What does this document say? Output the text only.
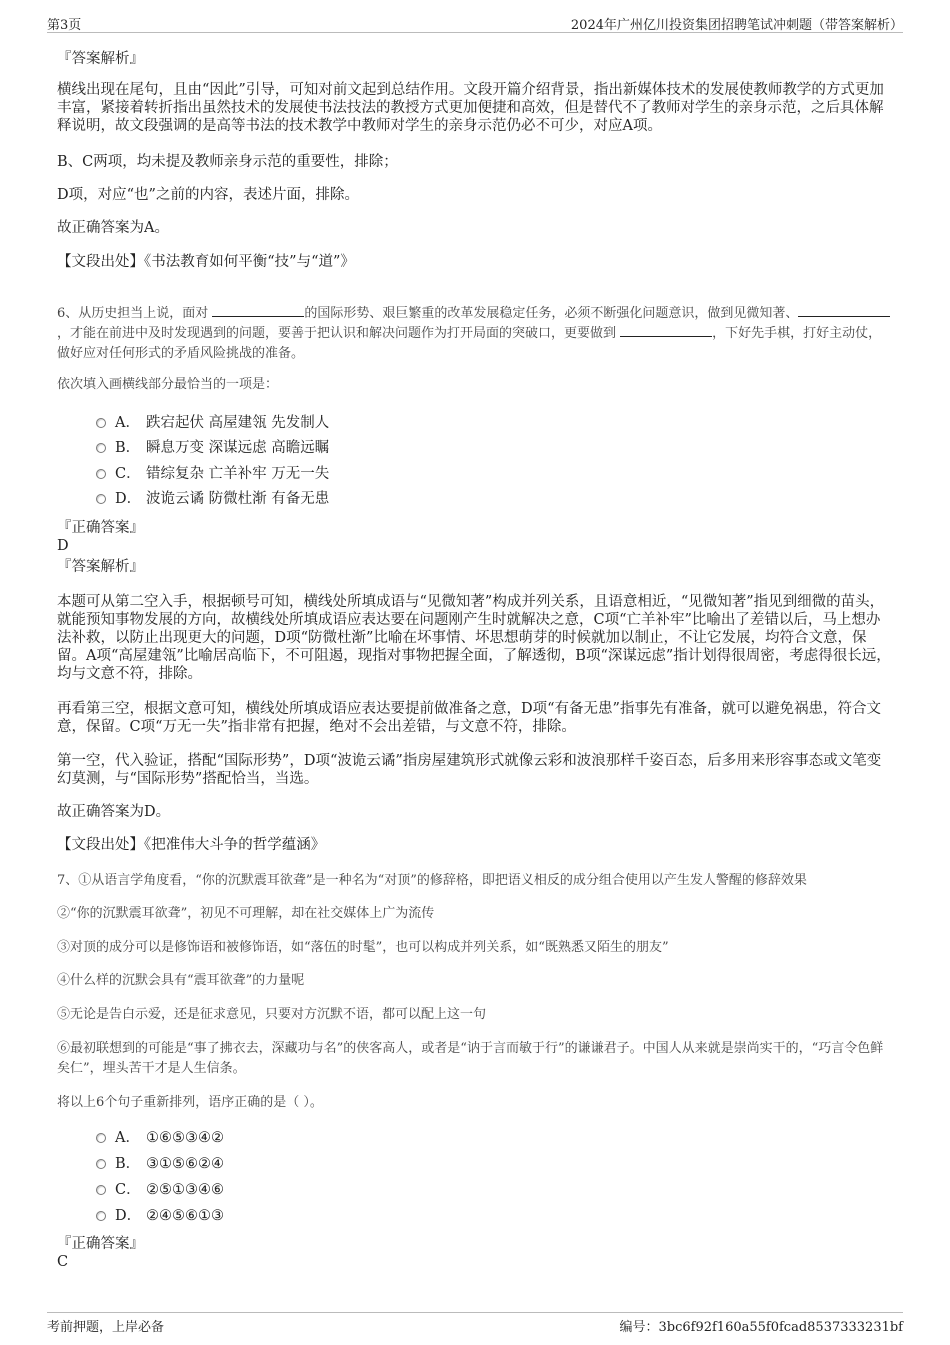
第3页	2024年广州亿川投资集团招聘笔试冲刺题（带答案解析）

『答案解析』

横线出现在尾句，且由“因此”引导，可知对前文起到总结作用。文段开篇介绍背景，指出新媒体技术的发展使教师教学的方式更加丰富，紧接着转折指出虽然技术的发展使书法技法的教授方式更加便捷和高效，但是替代不了教师对学生的亲身示范，之后具体解释说明，故文段强调的是高等书法的技术教学中教师对学生的亲身示范仍必不可少，对应A项。

B、C两项，均未提及教师亲身示范的重要性，排除；

D项，对应“也”之前的内容，表述片面，排除。

故正确答案为A。

【文段出处】《书法教育如何平衡“技”与“道”》

6、从历史担当上说，面对	的国际形势、艰巨繁重的改革发展稳定任务，必须不断强化问题意识，做到见微知著、，才能在前进中及时发现遇到的问题，要善于把认识和解决问题作为打开局面的突破口，更要做到	，下好先手棋，打好主动仗，做好应对任何形式的矛盾风险挑战的准备。

依次填入画横线部分最恰当的一项是：

A． 跌宕起伏 高屋建瓴 先发制人
B． 瞬息万变 深谋远虑 高瞻远瞩
C． 错综复杂 亡羊补牢 万无一失
D． 波诡云谲 防微杜渐 有备无患

『正确答案』

D

『答案解析』

本题可从第二空入手，根据顿号可知，横线处所填成语与“见微知著”构成并列关系，且语意相近，“见微知著”指见到细微的苗头，就能预知事物发展的方向，故横线处所填成语应表达要在问题刚产生时就解决之意，C项“亡羊补牢”比喻出了差错以后，马上想办法补救，以防止出现更大的问题，D项“防微杜渐”比喻在坏事情、坏思想萌芽的时候就加以制止，不让它发展，均符合文意，保留。A项“高屋建瓴”比喻居高临下，不可阻遏，现指对事物把握全面，了解透彻，B项“深谋远虑”指计划得很周密，考虑得很长远，均与文意不符，排除。

再看第三空，根据文意可知，横线处所填成语应表达要提前做准备之意，D项“有备无患”指事先有准备，就可以避免祸患，符合文意，保留。C项“万无一失”指非常有把握，绝对不会出差错，与文意不符，排除。

第一空，代入验证，搭配“国际形势”，D项“波诡云谲”指房屋建筑形式就像云彩和波浪那样千姿百态，后多用来形容事态或文笔变幻莫测，与“国际形势”搭配恰当，当选。

故正确答案为D。

【文段出处】《把准伟大斗争的哲学蕴涵》

7、①从语言学角度看，“你的沉默震耳欲聋”是一种名为“对顶”的修辞格，即把语义相反的成分组合使用以产生发人警醒的修辞效果

②“你的沉默震耳欲聋”，初见不可理解，却在社交媒体上广为流传

③对顶的成分可以是修饰语和被修饰语，如“落伍的时髦”，也可以构成并列关系，如“既熟悉又陌生的朋友”

④什么样的沉默会具有“震耳欲聋”的力量呢

⑤无论是告白示爱，还是征求意见，只要对方沉默不语，都可以配上这一句

⑥最初联想到的可能是“事了拂衣去，深藏功与名”的侠客高人，或者是“讷于言而敏于行”的谦谦君子。中国人从来就是崇尚实干的，“巧言令色鲜矣仁”，埋头苦干才是人生信条。

将以上6个句子重新排列，语序正确的是（ ）。

A． ①⑥⑤③④②
B． ③①⑤⑥②④
C． ②⑤①③④⑥
D． ②④⑤⑥①③

『正确答案』

C

考前押题，上岸必备	编号：3bc6f92f160a55f0fcad8537333231bf
